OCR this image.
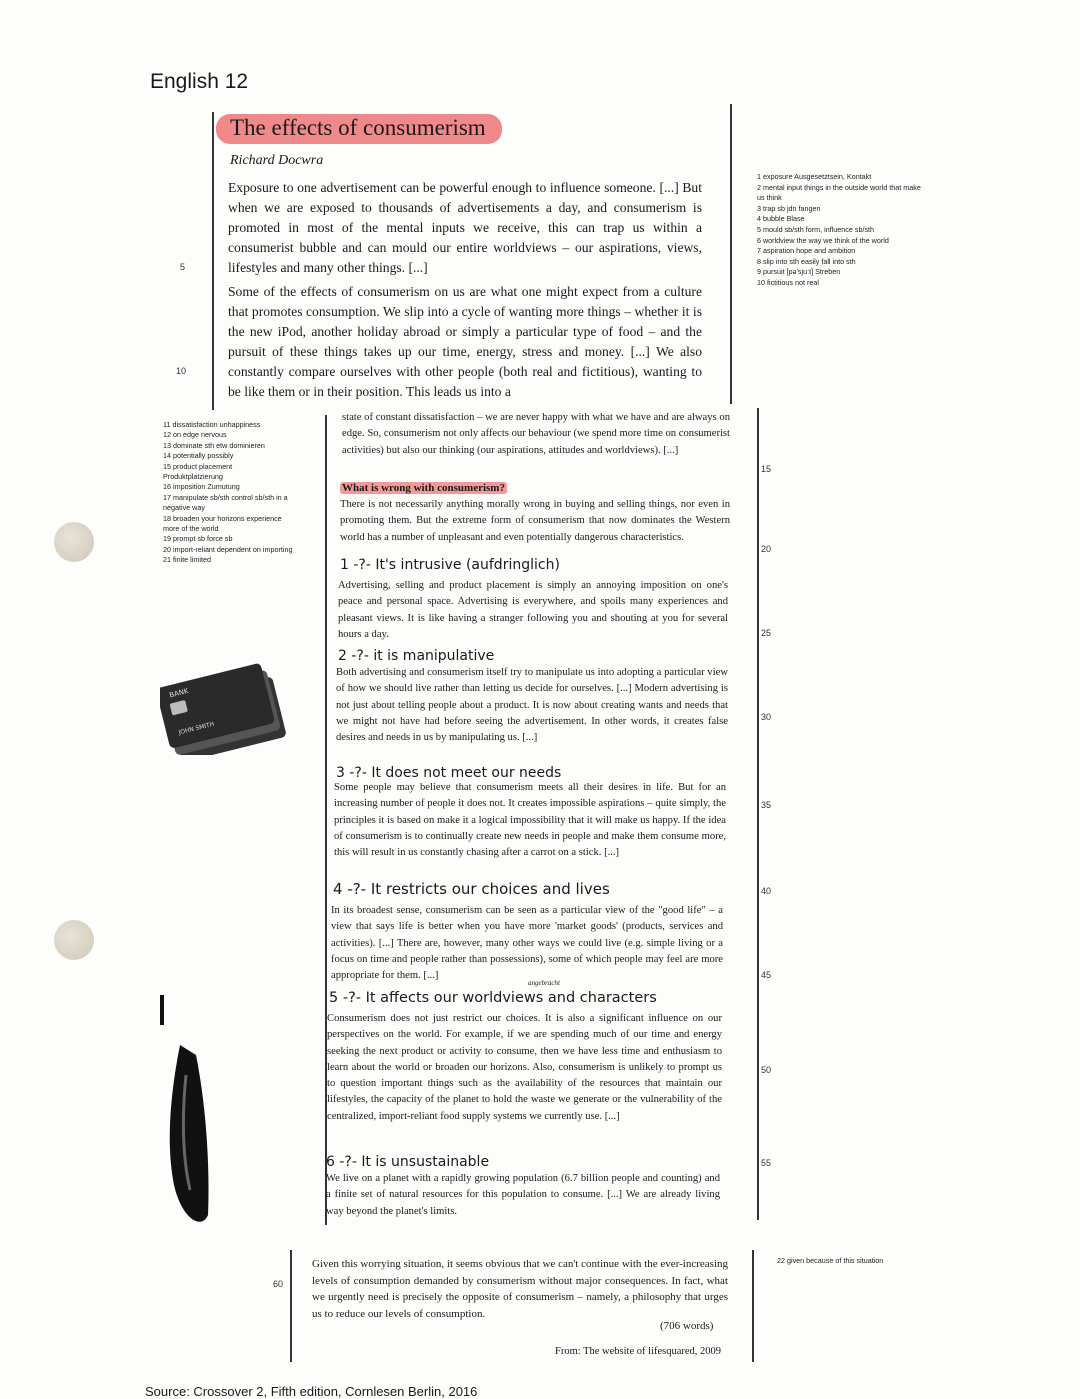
English 12
The effects of consumerism
Richard Docwra
Exposure to one advertisement can be powerful enough to influence someone. [...] But when we are exposed to thousands of advertisements a day, and consumerism is promoted in most of the mental inputs we receive, this can trap us within a consumerist bubble and can mould our entire worldviews – our aspirations, views, lifestyles and many other things. [...]
Some of the effects of consumerism on us are what one might expect from a culture that promotes consumption. We slip into a cycle of wanting more things – whether it is the new iPod, another holiday abroad or simply a particular type of food – and the pursuit of these things takes up our time, energy, stress and money. [...] We also constantly compare ourselves with other people (both real and fictitious), wanting to be like them or in their position. This leads us into a
5
10

1 exposure Ausgesetztsein, Kontakt

2 mental input things in the outside world that make us think

3 trap sb jdn fangen

4 bubble Blase

5 mould sb/sth form, influence sb/sth

6 worldview the way we think of the world

7 aspiration hope and ambition

8 slip into sth easily fall into sth

9 pursuit [pə'sjuːt] Streben

10 fictitious not real

11 dissatisfaction unhappiness

12 on edge nervous

13 dominate sth etw dominieren

14 potentially possibly

15 product placement Produktplatzierung

16 imposition Zumutung

17 manipulate sb/sth control sb/sth in a negative way

18 broaden your horizons experience more of the world

19 prompt sb force sb

20 import-reliant dependent on importing

21 finite limited

BANK
JOHN SMITH
state of constant dissatisfaction – we are never happy with what we have and are always on edge. So, consumerism not only affects our behaviour (we spend more time on consumerist activities) but also our thinking (our aspirations, attitudes and worldviews). [...]
What is wrong with consumerism?
There is not necessarily anything morally wrong in buying and selling things, nor even in promoting them. But the extreme form of consumerism that now dominates the Western world has a number of unpleasant and even potentially dangerous characteristics.
1 -?- It's intrusive (aufdringlich)
Advertising, selling and product placement is simply an annoying imposition on one's peace and personal space. Advertising is everywhere, and spoils many experiences and pleasant views. It is like having a stranger following you and shouting at you for several hours a day.
2 -?- it is manipulative
Both advertising and consumerism itself try to manipulate us into adopting a particular view of how we should live rather than letting us decide for ourselves. [...] Modern advertising is not just about telling people about a product. It is now about creating wants and needs that we might not have had before seeing the advertisement. In other words, it creates false desires and needs in us by manipulating us. [...]
3 -?- It does not meet our needs
Some people may believe that consumerism meets all their desires in life. But for an increasing number of people it does not. It creates impossible aspirations – quite simply, the principles it is based on make it a logical impossibility that it will make us happy. If the idea of consumerism is to continually create new needs in people and make them consume more, this will result in us constantly chasing after a carrot on a stick. [...]
4 -?- It restricts our choices and lives
In its broadest sense, consumerism can be seen as a particular view of the "good life" – a view that says life is better when you have more 'market goods' (products, services and activities). [...] There are, however, many other ways we could live (e.g. simple living or a focus on time and people rather than possessions), some of which people may feel are more appropriate for them. [...]
angebracht
5 -?- It affects our worldviews and characters
Consumerism does not just restrict our choices. It is also a significant influence on our perspectives on the world. For example, if we are spending much of our time and energy seeking the next product or activity to consume, then we have less time and enthusiasm to learn about the world or broaden our horizons. Also, consumerism is unlikely to prompt us to question important things such as the availability of the resources that maintain our lifestyles, the capacity of the planet to hold the waste we generate or the vulnerability of the centralized, import-reliant food supply systems we currently use. [...]
6 -?- It is unsustainable
We live on a planet with a rapidly growing population (6.7 billion people and counting) and a finite set of natural resources for this population to consume. [...] We are already living way beyond the planet's limits.
15
20
25
30
35
40
45
50
55
60
Given this worrying situation, it seems obvious that we can't continue with the ever-increasing levels of consumption demanded by consumerism without major consequences. In fact, what we urgently need is precisely the opposite of consumerism – namely, a philosophy that urges us to reduce our levels of consumption.
(706 words)
From: The website of lifesquared, 2009
22 given because of this situation
Source: Crossover 2, Fifth edition, Cornlesen Berlin, 2016
